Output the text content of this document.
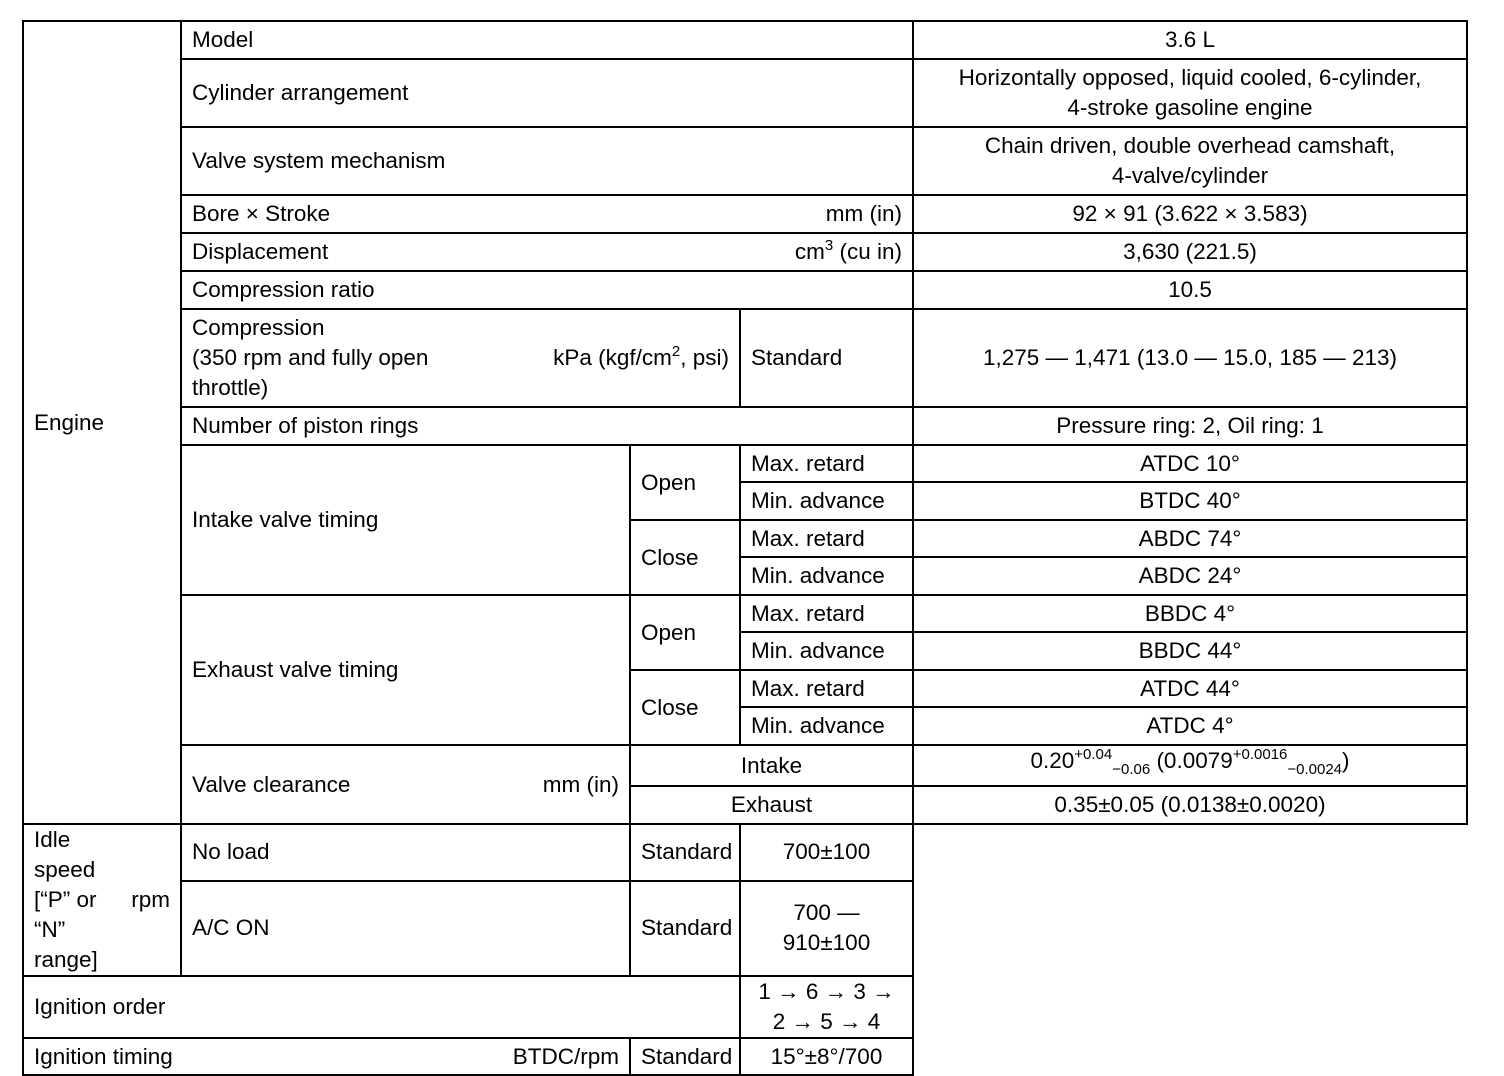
Engine	Model			3.6 L
	Cylinder arrangement			Horizontally opposed, liquid cooled, 6-cylinder,
4-stroke gasoline engine

	Valve system mechanism			Chain driven, double overhead camshaft,
4-valve/cylinder

	Bore × Stroke mm (in)			92 × 91 (3.622 × 3.583)

	Displacement $cm^3$ (cu in)			3,630 (221.5)
	Compression ratio			10.5

	Compression
(350 rpm and fully open
throttle)
kPa ($kgf/cm^2$, psi)		Standard	1,275 — 1,471 (13.0 — 15.0, 185 — 213)
	Number of piston rings			Pressure ring: 2, Oil ring: 1
	Intake valve timing	Open	Max. retard	ATDC 10°
			Min. advance	BTDC 40°
		Close	Max. retard	ABDC 74°
			Min. advance	ABDC 24°
	Exhaust valve timing	Open	Max. retard	BBDC 4°
			Min. advance	BBDC 44°
		Close	Max. retard	ATDC 44°
			Min. advance	ATDC 4°

	Valve clearance mm (in)	Intake		$0.20^{+0.04}_{-0.06}$ $(0.0079^{+0.0016}_{-0.0024})$
		Exhaust		0.35±0.05 (0.0138±0.0020)

Idle speed
[“P” or “N” range]
rpm	No load	Standard	700±100	
	A/C ON	Standard	700 — 910±100	
Ignition order			1 → 6 → 3 → 2 → 5 → 4	

Ignition timing BTDC/rpm		Standard	15°±8°/700	
